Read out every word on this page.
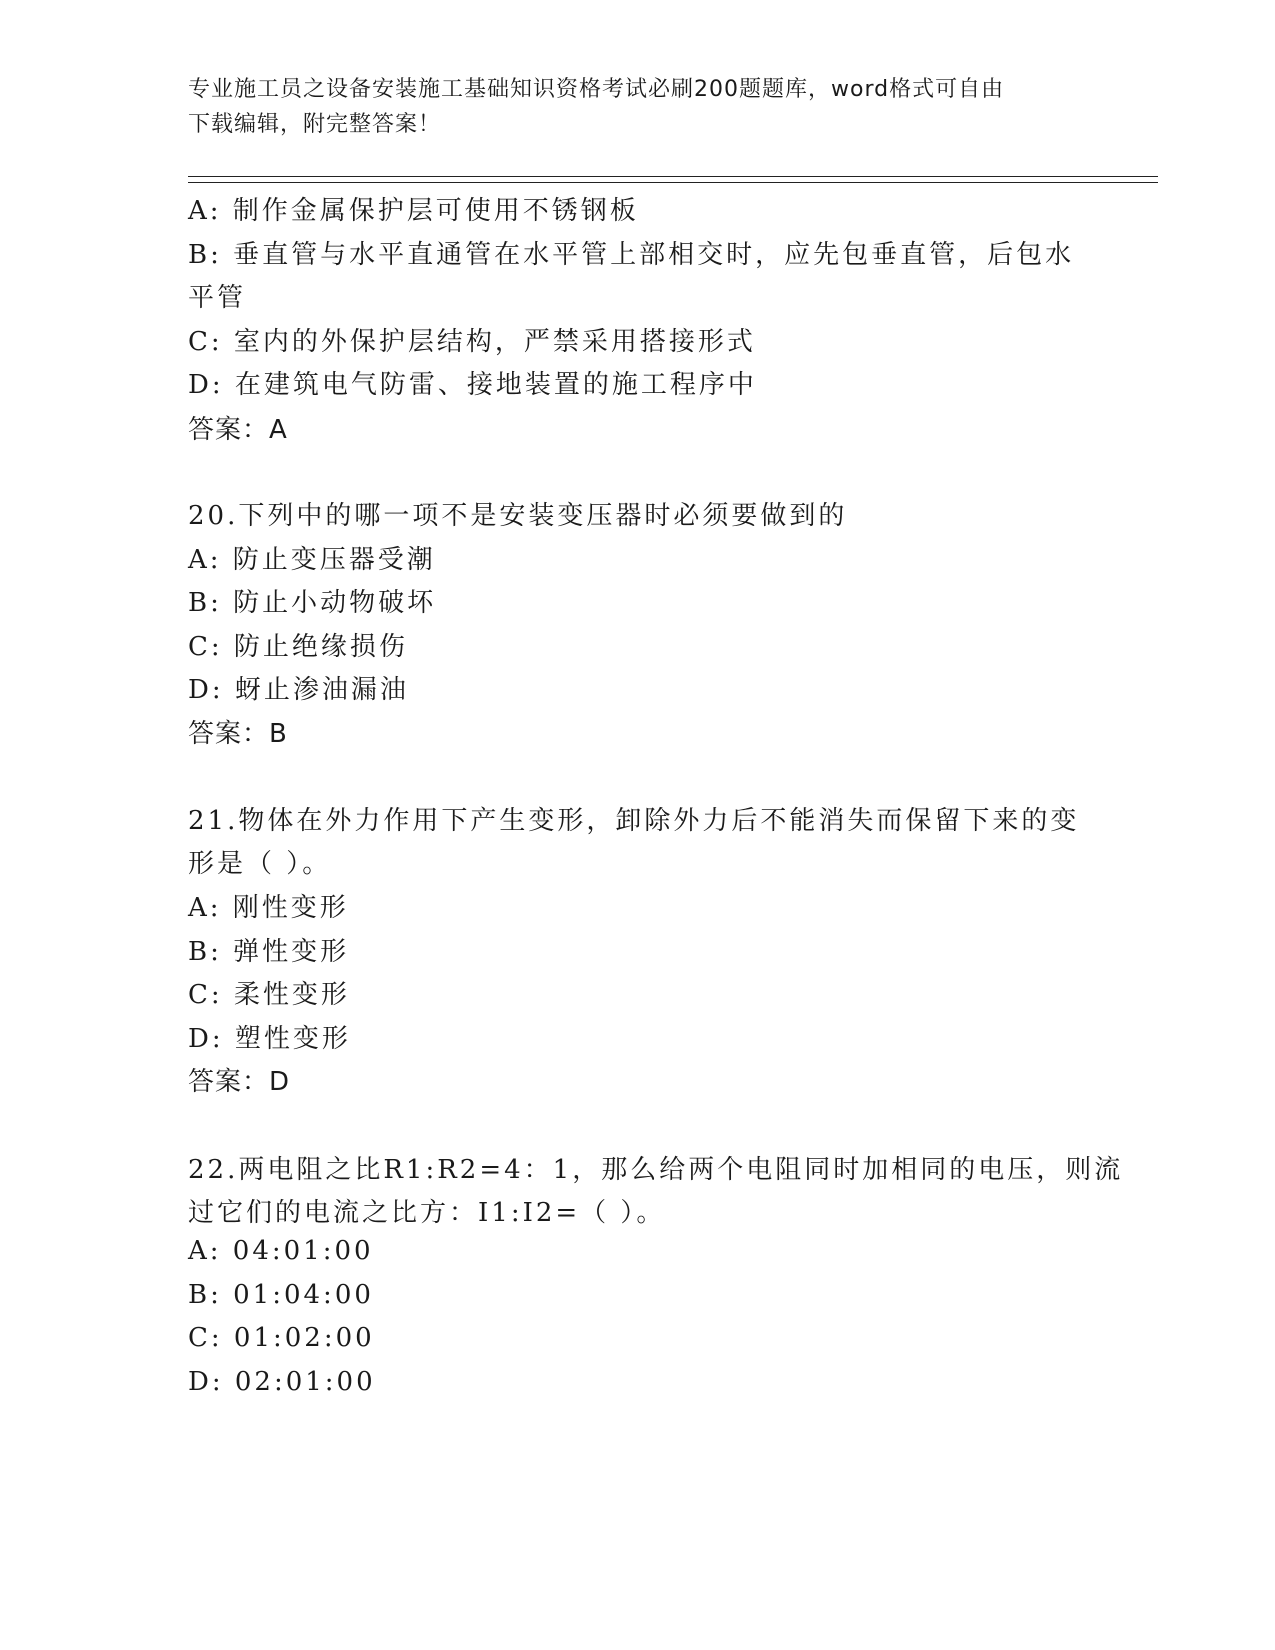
专业施工员之设备安装施工基础知识资格考试必刷200题题库，word格式可自由
下载编辑，附完整答案！
A: 制作金属保护层可使用不锈钢板
B: 垂直管与水平直通管在水平管上部相交时，应先包垂直管，后包水
平管
C: 室内的外保护层结构，严禁采用搭接形式
D: 在建筑电气防雷、接地装置的施工程序中
答案：A
20.下列中的哪一项不是安装变压器时必须要做到的
A: 防止变压器受潮
B: 防止小动物破坏
C: 防止绝缘损伤
D: 蚜止渗油漏油
答案：B
21.物体在外力作用下产生变形，卸除外力后不能消失而保留下来的变
形是（ ）。
A: 刚性变形
B: 弹性变形
C: 柔性变形
D: 塑性变形
答案：D
22.两电阻之比R1:R2=4：1，那么给两个电阻同时加相同的电压，则流
过它们的电流之比方：I1:I2=（ ）。
A: 04:01:00
B: 01:04:00
C: 01:02:00
D: 02:01:00
